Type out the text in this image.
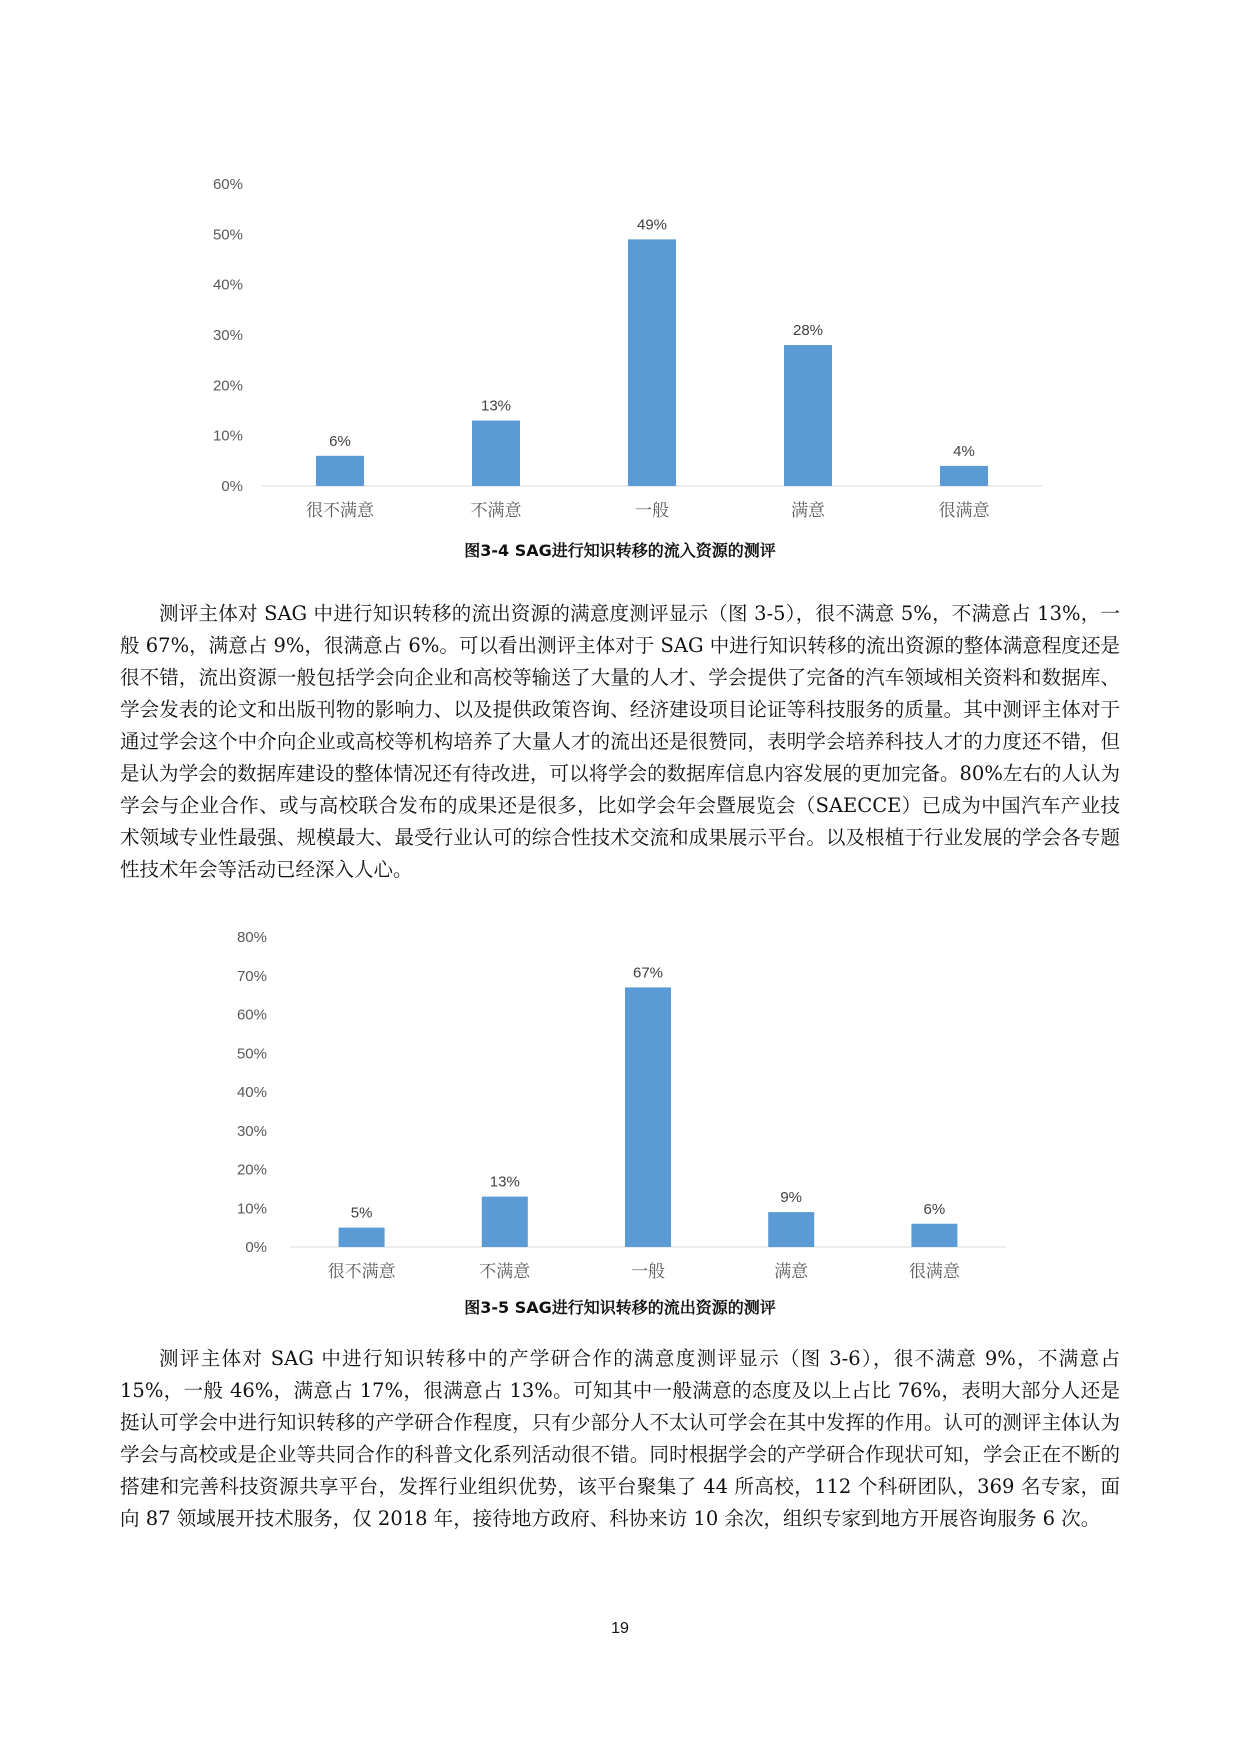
0%
10%
20%
30%
40%
50%
60%
6%
很不满意
13%
不满意
49%
一般
28%
满意
4%
很满意
图3-4 SAG进行知识转移的流入资源的测评

测评主体对 SAG 中进行知识转移的流出资源的满意度测评显示（图 3-5），很不满意 5%，不满意占 13%，一般 67%，满意占 9%，很满意占 6%。可以看出测评主体对于 SAG 中进行知识转移的流出资源的整体满意程度还是很不错，流出资源一般包括学会向企业和高校等输送了大量的人才、学会提供了完备的汽车领域相关资料和数据库、学会发表的论文和出版刊物的影响力、以及提供政策咨询、经济建设项目论证等科技服务的质量。其中测评主体对于通过学会这个中介向企业或高校等机构培养了大量人才的流出还是很赞同，表明学会培养科技人才的力度还不错，但是认为学会的数据库建设的整体情况还有待改进，可以将学会的数据库信息内容发展的更加完备。80%左右的人认为学会与企业合作、或与高校联合发布的成果还是很多，比如学会年会暨展览会（SAECCE）已成为中国汽车产业技术领域专业性最强、规模最大、最受行业认可的综合性技术交流和成果展示平台。以及根植于行业发展的学会各专题性技术年会等活动已经深入人心。

0%
10%
20%
30%
40%
50%
60%
70%
80%
5%
很不满意
13%
不满意
67%
一般
9%
满意
6%
很满意
图3-5 SAG进行知识转移的流出资源的测评

测评主体对 SAG 中进行知识转移中的产学研合作的满意度测评显示（图 3-6），很不满意 9%，不满意占 15%，一般 46%，满意占 17%，很满意占 13%。可知其中一般满意的态度及以上占比 76%，表明大部分人还是挺认可学会中进行知识转移的产学研合作程度，只有少部分人不太认可学会在其中发挥的作用。认可的测评主体认为学会与高校或是企业等共同合作的科普文化系列活动很不错。同时根据学会的产学研合作现状可知，学会正在不断的搭建和完善科技资源共享平台，发挥行业组织优势，该平台聚集了 44 所高校，112 个科研团队，369 名专家，面向 87 领域展开技术服务，仅 2018 年，接待地方政府、科协来访 10 余次，组织专家到地方开展咨询服务 6 次。

19
